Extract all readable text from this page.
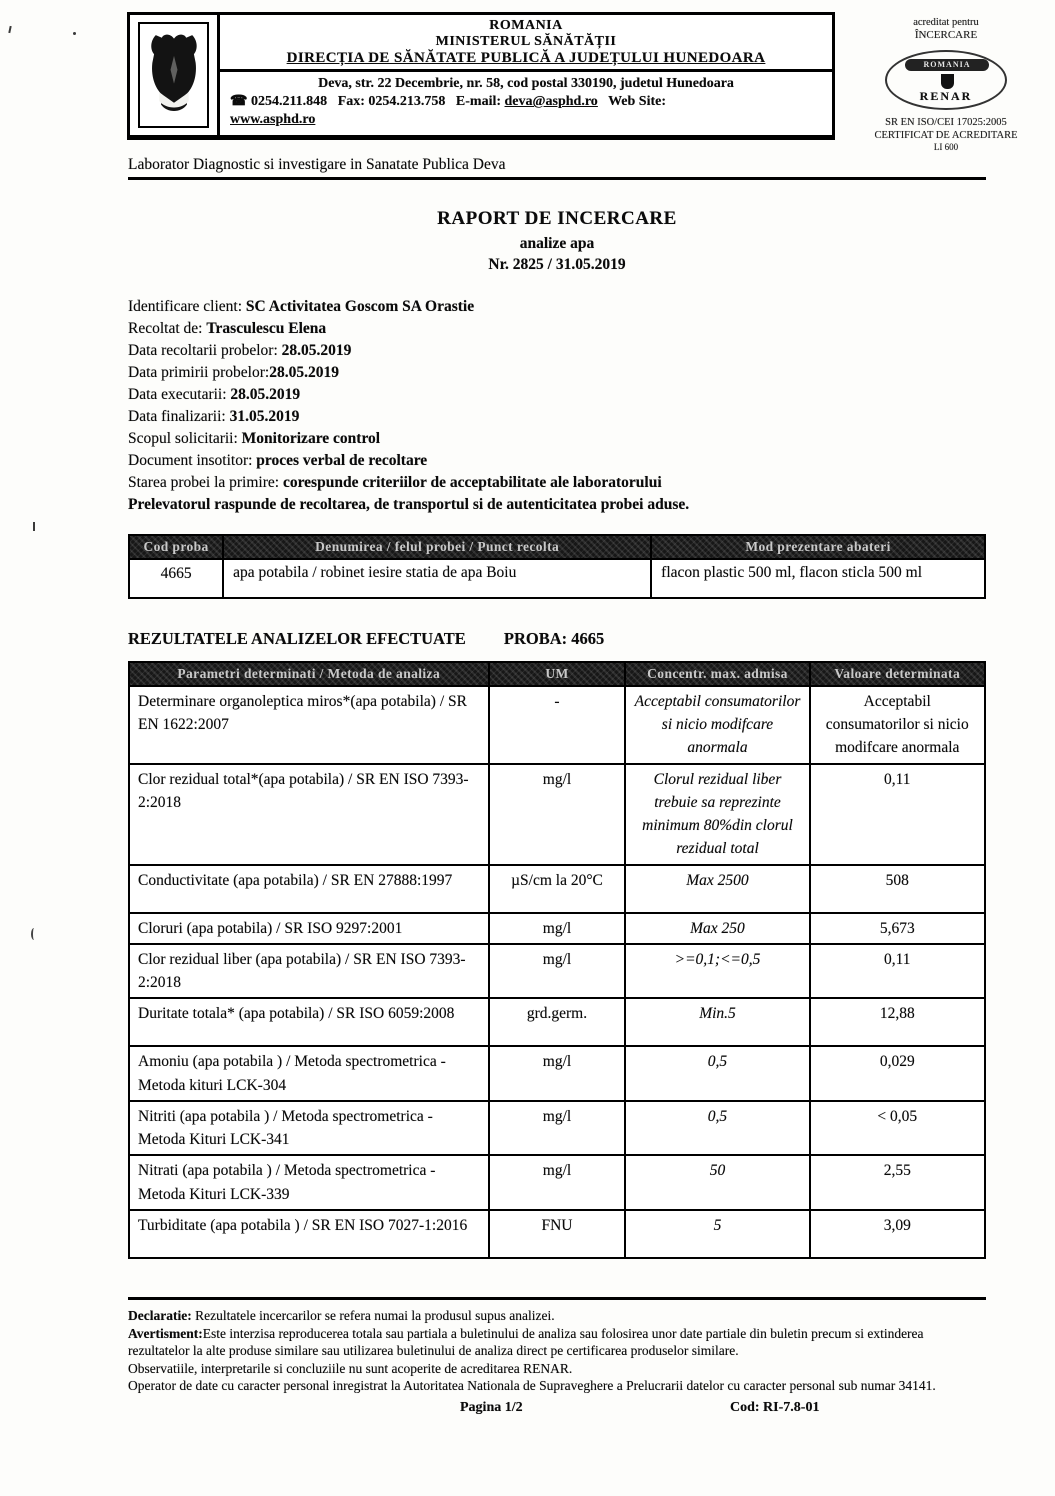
ROMANIA
MINISTERUL SĂNĂTĂȚII
DIRECȚIA DE SĂNĂTATE PUBLICĂ A JUDEȚULUI HUNEDOARA
Deva, str. 22 Decembrie, nr. 58, cod postal 330190, judetul Hunedoara
☎ 0254.211.848 Fax: 0254.213.758 E-mail: deva@asphd.ro Web Site:
www.asphd.ro
acreditat pentru
ÎNCERCARE
ROMANIA
RENAR
SR EN ISO/CEI 17025:2005
CERTIFICAT DE ACREDITARE
LI 600
Laborator Diagnostic si investigare in Sanatate Publica Deva
RAPORT DE INCERCARE
analize apa
Nr. 2825 / 31.05.2019
Identificare client: SC Activitatea Goscom SA Orastie
Recoltat de: Trasculescu Elena
Data recoltarii probelor: 28.05.2019
Data primirii probelor:28.05.2019
Data executarii: 28.05.2019
Data finalizarii: 31.05.2019
Scopul solicitarii: Monitorizare control
Document insotitor: proces verbal de recoltare
Starea probei la primire: corespunde criteriilor de acceptabilitate ale laboratorului
Prelevatorul raspunde de recoltarea, de transportul si de autenticitatea probei aduse.
Cod proba	Denumirea / felul probei / Punct recolta	Mod prezentare abateri
4665	apa potabila / robinet iesire statia de apa Boiu	flacon plastic 500 ml, flacon sticla 500 ml
REZULTATELE ANALIZELOR EFECTUATE PROBA: 4665
Parametri determinati / Metoda de analiza	UM	Concentr. max. admisa	Valoare determinata
Determinare organoleptica miros*(apa potabila) / SR EN 1622:2007	-	Acceptabil consumatorilor si nicio modifcare anormala	Acceptabil consumatorilor si nicio modifcare anormala
Clor rezidual total*(apa potabila) / SR EN ISO 7393-2:2018	mg/l	Clorul rezidual liber trebuie sa reprezinte minimum 80%din clorul rezidual total	0,11
Conductivitate (apa potabila) / SR EN 27888:1997	µS/cm la 20°C	Max 2500	508
Cloruri (apa potabila) / SR ISO 9297:2001	mg/l	Max 250	5,673
Clor rezidual liber (apa potabila) / SR EN ISO 7393-2:2018	mg/l	>=0,1;<=0,5	0,11
Duritate totala* (apa potabila) / SR ISO 6059:2008	grd.germ.	Min.5	12,88
Amoniu (apa potabila ) / Metoda spectrometrica - Metoda kituri LCK-304	mg/l	0,5	0,029
Nitriti (apa potabila ) / Metoda spectrometrica - Metoda Kituri LCK-341	mg/l	0,5	< 0,05
Nitrati (apa potabila ) / Metoda spectrometrica - Metoda Kituri LCK-339	mg/l	50	2,55
Turbiditate (apa potabila ) / SR EN ISO 7027-1:2016	FNU	5	3,09

Declaratie: Rezultatele incercarilor se refera numai la produsul supus analizei.

Avertisment:Este interzisa reproducerea totala sau partiala a buletinului de analiza sau folosirea unor date partiale din buletin precum si extinderea rezultatelor la alte produse similare sau utilizarea buletinului de analiza direct pe certificarea produselor similare.

Observatiile, interpretarile si concluziile nu sunt acoperite de acreditarea RENAR.

Operator de date cu caracter personal inregistrat la Autoritatea Nationala de Supraveghere a Prelucrarii datelor cu caracter personal sub numar 34141.

Pagina 1/2	Cod: RI-7.8-01
